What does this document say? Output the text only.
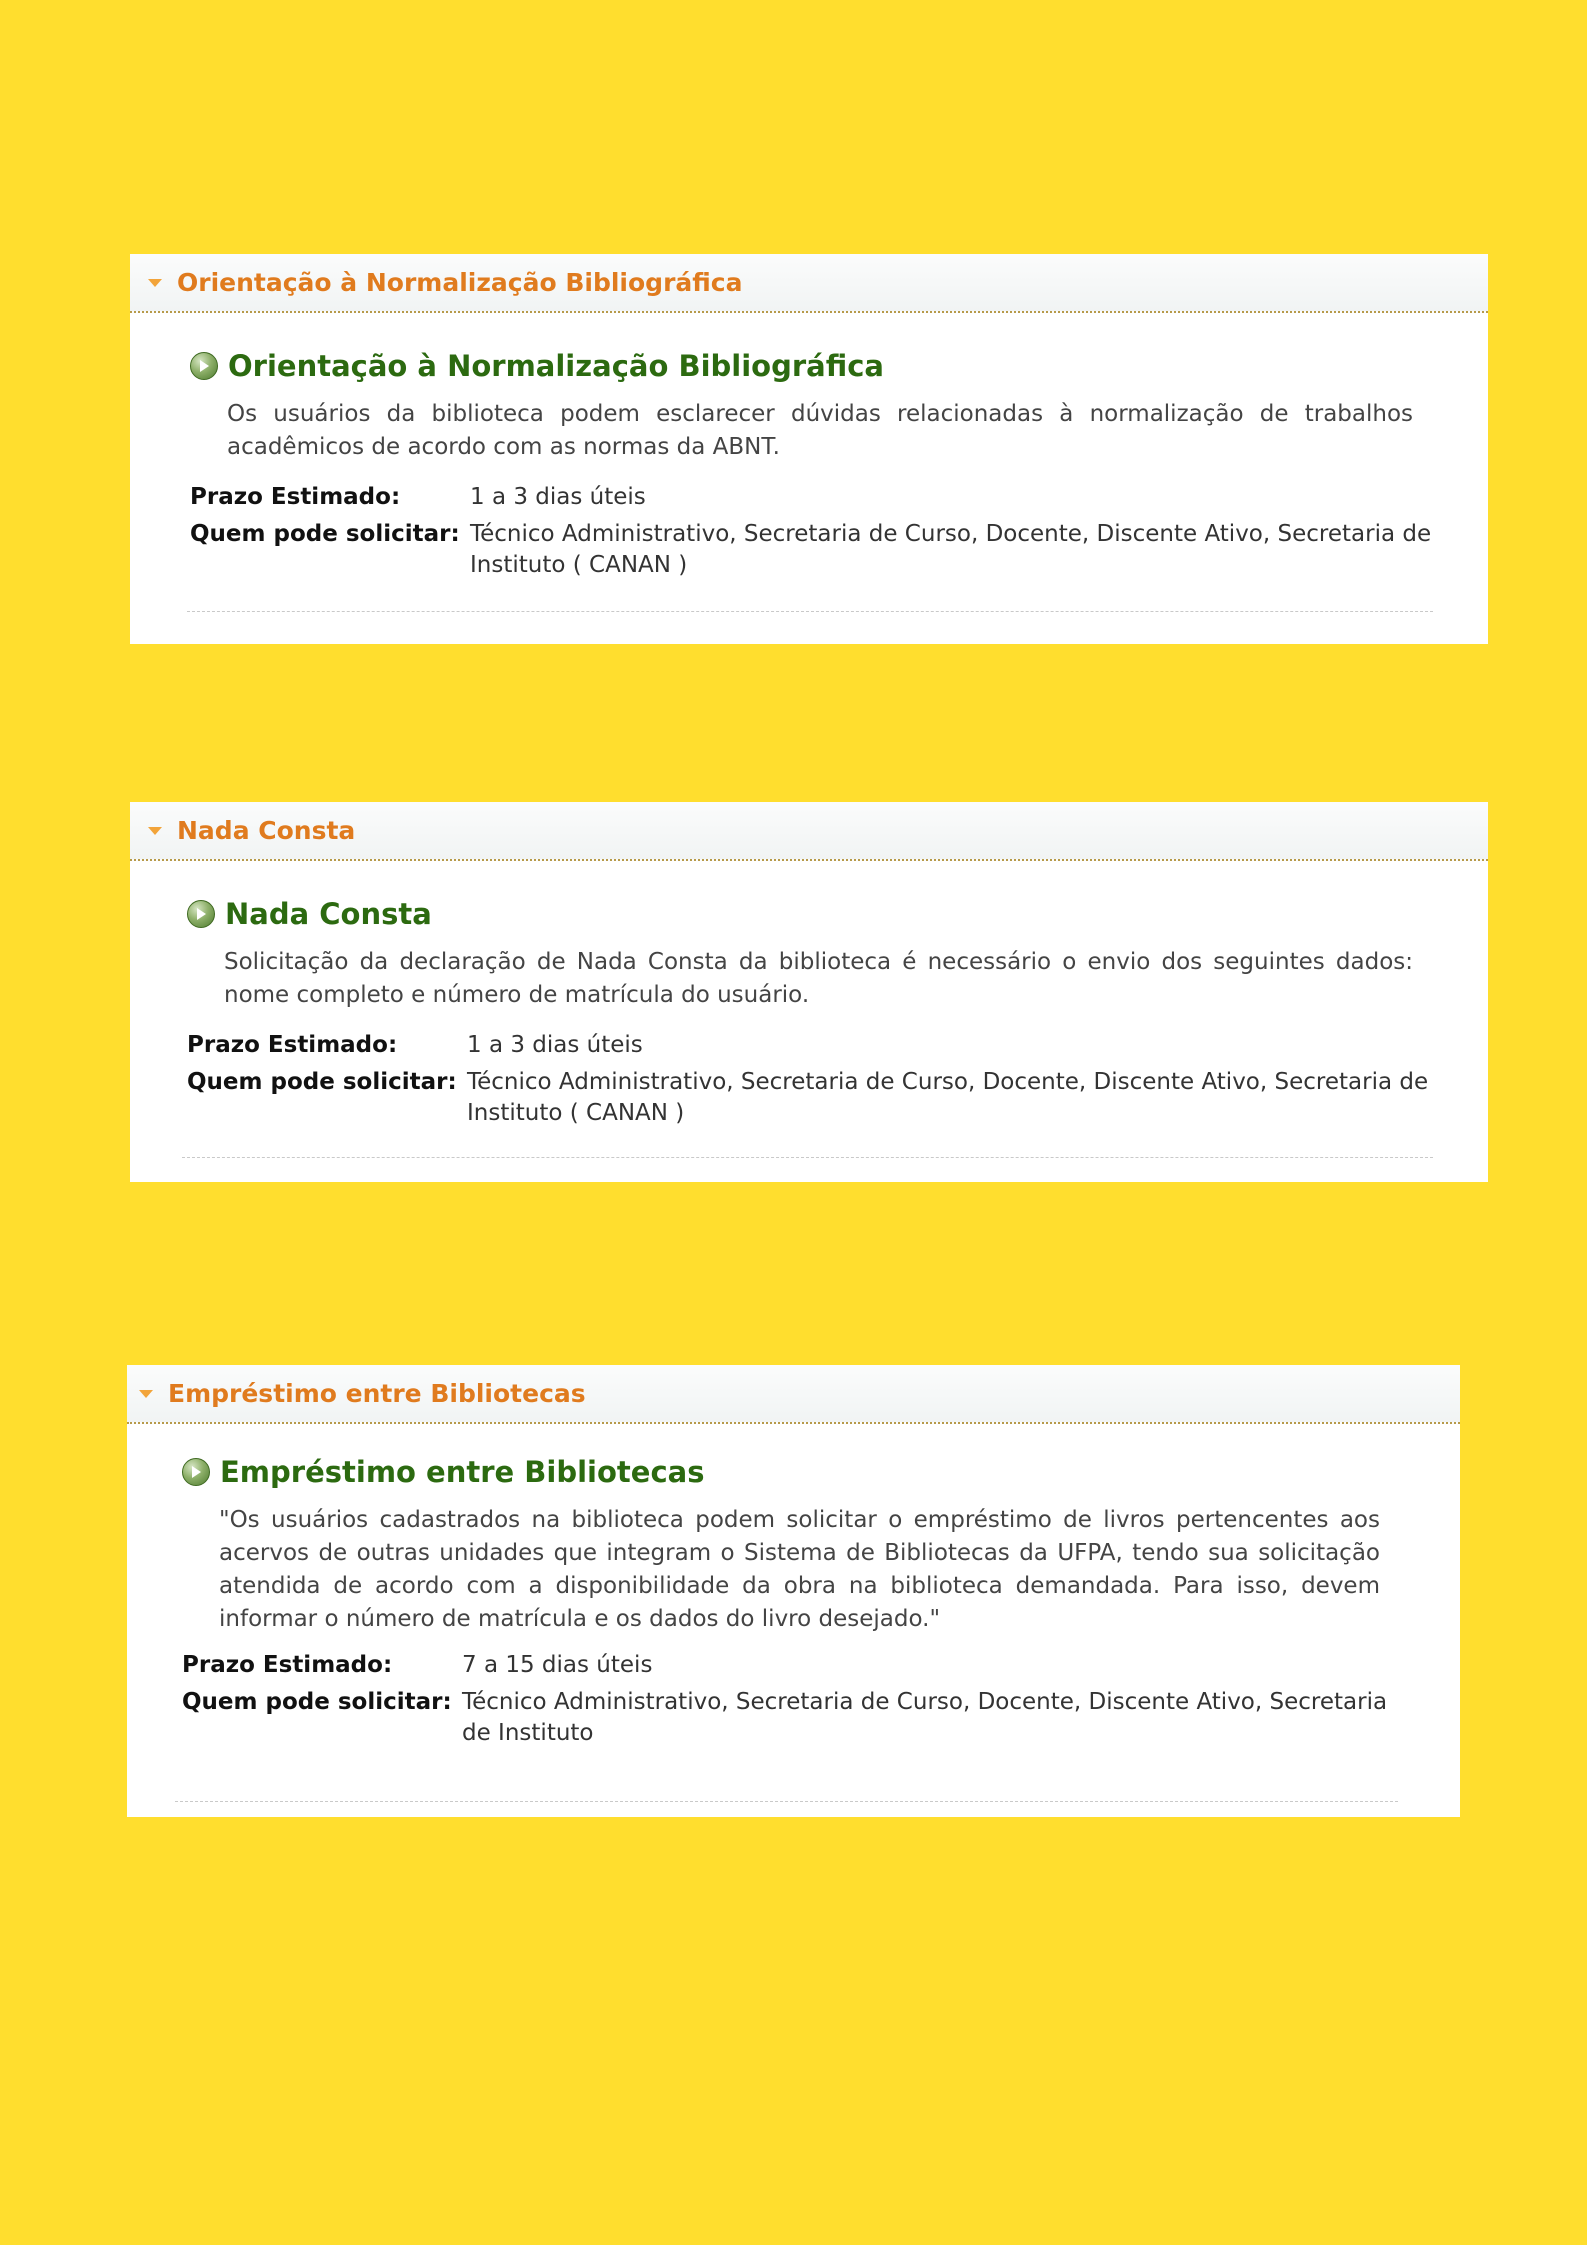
Orientação à Normalização Bibliográfica
Orientação à Normalização Bibliográfica

Os usuários da biblioteca podem esclarecer dúvidas relacionadas à normalização de trabalhos acadêmicos de acordo com as normas da ABNT.

Prazo Estimado:	1 a 3 dias úteis
Quem pode solicitar: Técnico Administrativo, Secretaria de Curso, Docente, Discente Ativo, Secretaria de Instituto ( CANAN )
Nada Consta
Nada Consta

Solicitação da declaração de Nada Consta da biblioteca é necessário o envio dos seguintes dados: nome completo e número de matrícula do usuário.

Prazo Estimado:	1 a 3 dias úteis
Quem pode solicitar: Técnico Administrativo, Secretaria de Curso, Docente, Discente Ativo, Secretaria de Instituto ( CANAN )
Empréstimo entre Bibliotecas
Empréstimo entre Bibliotecas

"Os usuários cadastrados na biblioteca podem solicitar o empréstimo de livros pertencentes aos acervos de outras unidades que integram o Sistema de Bibliotecas da UFPA, tendo sua solicitação atendida de acordo com a disponibilidade da obra na biblioteca demandada. Para isso, devem informar o número de matrícula e os dados do livro desejado."

Prazo Estimado:	7 a 15 dias úteis
Quem pode solicitar: Técnico Administrativo, Secretaria de Curso, Docente, Discente Ativo, Secretaria de Instituto
